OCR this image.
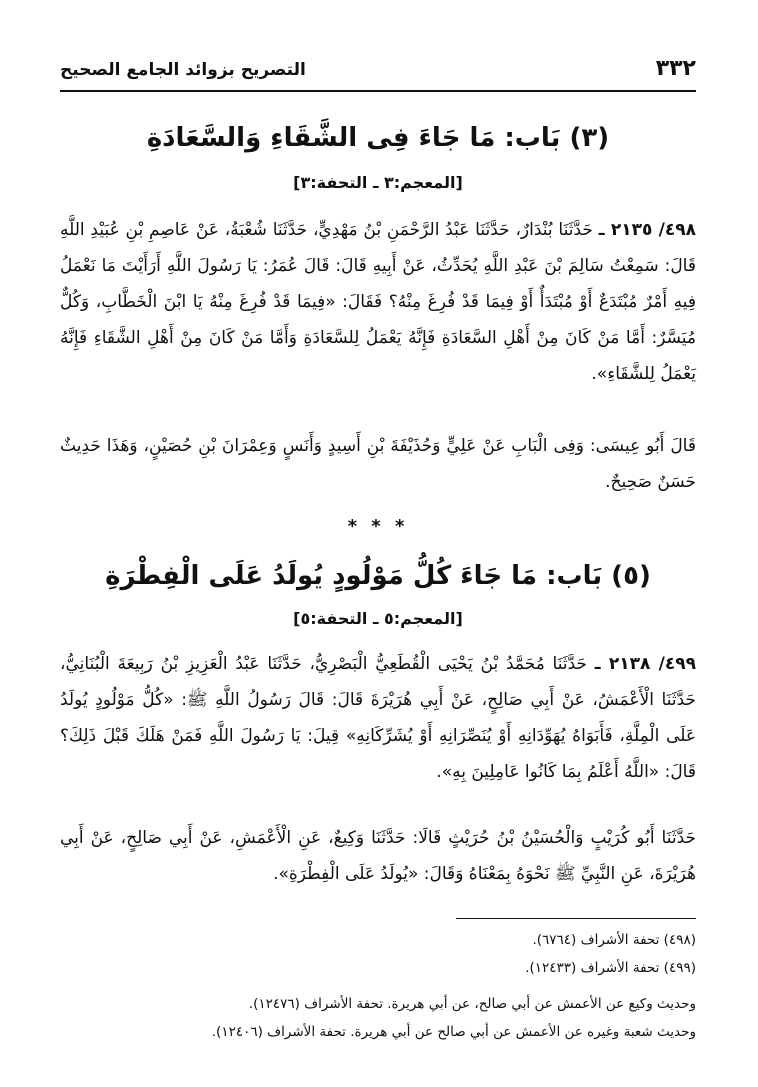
التصريح بزوائد الجامع الصحيح	٣٣٢
(٣) بَاب: مَا جَاءَ فِى الشَّقَاءِ وَالسَّعَادَةِ
[المعجم:٣ ـ التحفة:٣]
٤٩٨/ ٢١٣٥ ـ حَدَّثَنَا بُنْدَارٌ، حَدَّثَنَا عَبْدُ الرَّحْمَنِ بْنُ مَهْدِيٍّ، حَدَّثَنَا شُعْبَةُ، عَنْ عَاصِمِ بْنِ عُبَيْدِ اللَّهِ قَالَ: سَمِعْتُ سَالِمَ بْنَ عَبْدِ اللَّهِ يُحَدِّثُ، عَنْ أَبِيهِ قَالَ: قَالَ عُمَرُ: يَا رَسُولَ اللَّهِ أَرَأَيْتَ مَا نَعْمَلُ فِيهِ أَمْرٌ مُبْتَدَعٌ أَوْ مُبْتَدَأٌ أَوْ فِيمَا قَدْ فُرِغَ مِنْهُ؟ فَقَالَ: «فِيمَا قَدْ فُرِغَ مِنْهُ يَا ابْنَ الْخَطَّابِ، وَكُلٌّ مُيَسَّرٌ: أَمَّا مَنْ كَانَ مِنْ أَهْلِ السَّعَادَةِ فَإِنَّهُ يَعْمَلُ لِلسَّعَادَةِ وَأَمَّا مَنْ كَانَ مِنْ أَهْلِ الشَّقَاءِ فَإِنَّهُ يَعْمَلُ لِلشَّقَاءِ».
قَالَ أَبُو عِيسَى: وَفِى الْبَابِ عَنْ عَلِيٍّ وَحُذَيْفَةَ بْنِ أَسِيدٍ وَأَنَسٍ وَعِمْرَانَ بْنِ حُصَيْنٍ، وَهَذَا حَدِيثٌ حَسَنٌ صَحِيحٌ.
* * *
(٥) بَاب: مَا جَاءَ كُلُّ مَوْلُودٍ يُولَدُ عَلَى الْفِطْرَةِ
[المعجم:٥ ـ التحفة:٥]
٤٩٩/ ٢١٣٨ ـ حَدَّثَنَا مُحَمَّدُ بْنُ يَحْيَى الْقُطَعِيُّ الْبَصْرِيُّ، حَدَّثَنَا عَبْدُ الْعَزِيزِ بْنُ رَبِيعَةَ الْبُنَانِيُّ، حَدَّثَنَا الْأَعْمَشُ، عَنْ أَبِي صَالِحٍ، عَنْ أَبِي هُرَيْرَةَ قَالَ: قَالَ رَسُولُ اللَّهِ ﷺ: «كُلُّ مَوْلُودٍ يُولَدُ عَلَى الْمِلَّةِ، فَأَبَوَاهُ يُهَوِّدَانِهِ أَوْ يُنَصِّرَانِهِ أَوْ يُشَرِّكَانِهِ» قِيلَ: يَا رَسُولَ اللَّهِ فَمَنْ هَلَكَ قَبْلَ ذَلِكَ؟ قَالَ: «اللَّهُ أَعْلَمُ بِمَا كَانُوا عَامِلِينَ بِهِ».
حَدَّثَنَا أَبُو كُرَيْبٍ وَالْحُسَيْنُ بْنُ حُرَيْثٍ قَالَا: حَدَّثَنَا وَكِيعٌ، عَنِ الْأَعْمَشِ، عَنْ أَبِي صَالِحٍ، عَنْ أَبِي هُرَيْرَةَ، عَنِ النَّبِيِّ ﷺ نَحْوَهُ بِمَعْنَاهُ وَقَالَ: «يُولَدُ عَلَى الْفِطْرَةِ».
(٤٩٨) تحفة الأشراف (٦٧٦٤).
(٤٩٩) تحفة الأشراف (١٢٤٣٣).
وحديث وكيع عن الأعمش عن أبي صالح، عن أبي هريرة. تحفة الأشراف (١٢٤٧٦).
وحديث شعبة وغيره عن الأعمش عن أبي صالح عن أبي هريرة. تحفة الأشراف (١٢٤٠٦).
